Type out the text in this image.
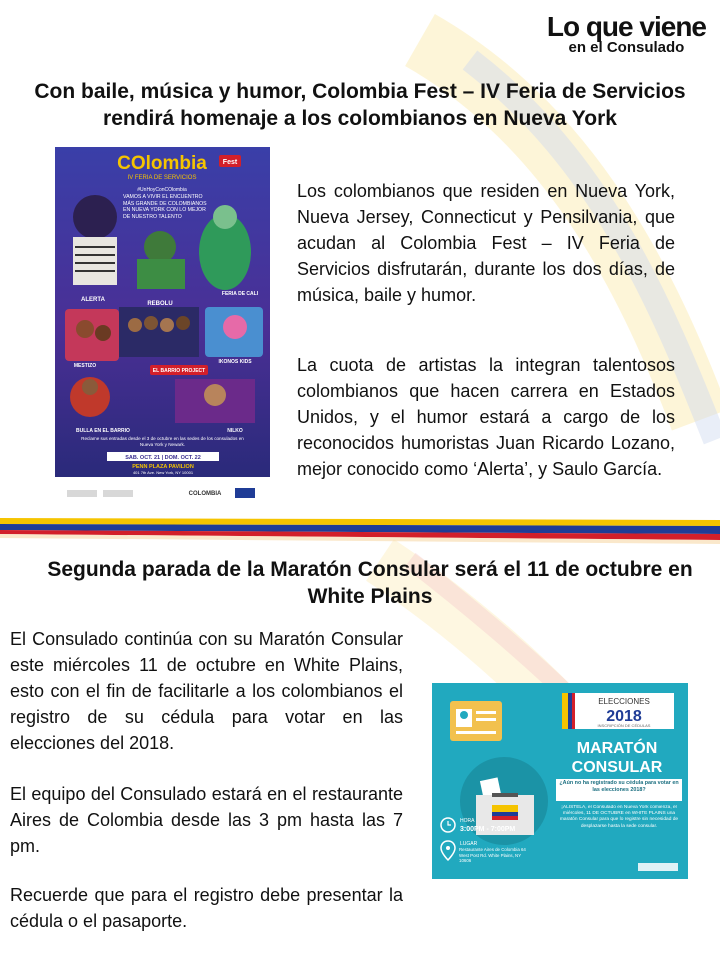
Lo que viene
en el Consulado
Con baile, música y humor, Colombia Fest – IV Feria de Servicios rendirá homenaje a los colombianos en Nueva York
COlombia Fest
IV FERIA DE SERVICIOS
#UnHoyConCOlombia
VAMOS A VIVIR EL ENCUENTRO MÁS GRANDE DE COLOMBIANOS EN NUEVA YORK CON LO MEJOR DE NUESTRO TALENTO
ALERTA
FERIA DE CALI
REBOLU
MESTIZO
IKONOS KIDS
EL BARRIO PROJECT
BULLA EN EL BARRIO	NILKO
Reclame sus entradas desde el 3 de octubre en las sedes de los consulados en Nueva York y Newark.
SAB. OCT. 21 | DOM. OCT. 22
PENN PLAZA PAVILION
401 7th Ave. New York, NY 10001
COLOMBIA
Los colombianos que residen en Nueva York, Nueva Jersey, Connecticut y Pensilvania, que acudan al Colombia Fest – IV Feria de Servicios disfrutarán, durante los dos días, de música, baile y humor.
La cuota de artistas la integran talentosos colombianos que hacen carrera en Estados Unidos, y el humor estará a cargo de los reconocidos humoristas Juan Ricardo Lozano, mejor conocido como ‘Alerta’, y Saulo García.
Segunda parada de la Maratón Consular será el 11 de octubre en White Plains
El Consulado continúa con su Maratón Consular este miércoles 11 de octubre en White Plains, esto con el fin de facilitarle a los colombianos el registro de su cédula para votar en las elecciones del 2018.
El equipo del Consulado estará en el restaurante Aires de Colombia desde las 3 pm hasta las 7 pm.
Recuerde que para el registro debe presentar la cédula o el pasaporte.
ELECCIONES
2018
INSCRIPCIÓN DE CÉDULAS
MARATÓN
CONSULAR
¿Aún no ha registrado su cédula para votar en las elecciones 2018?
¡ALÍSTELA, el Consulado en Nueva York comienza, el miércoles, 11 DE OCTUBRE en WHITE PLAINS una maratón Consular para que lo registre sin necesidad de desplazarse hasta la sede consular.
HORA
3:00PM - 7:00PM
LUGAR
Restaurante Aires de Colombia 64 West Post Rd. White Plains, NY 10606
